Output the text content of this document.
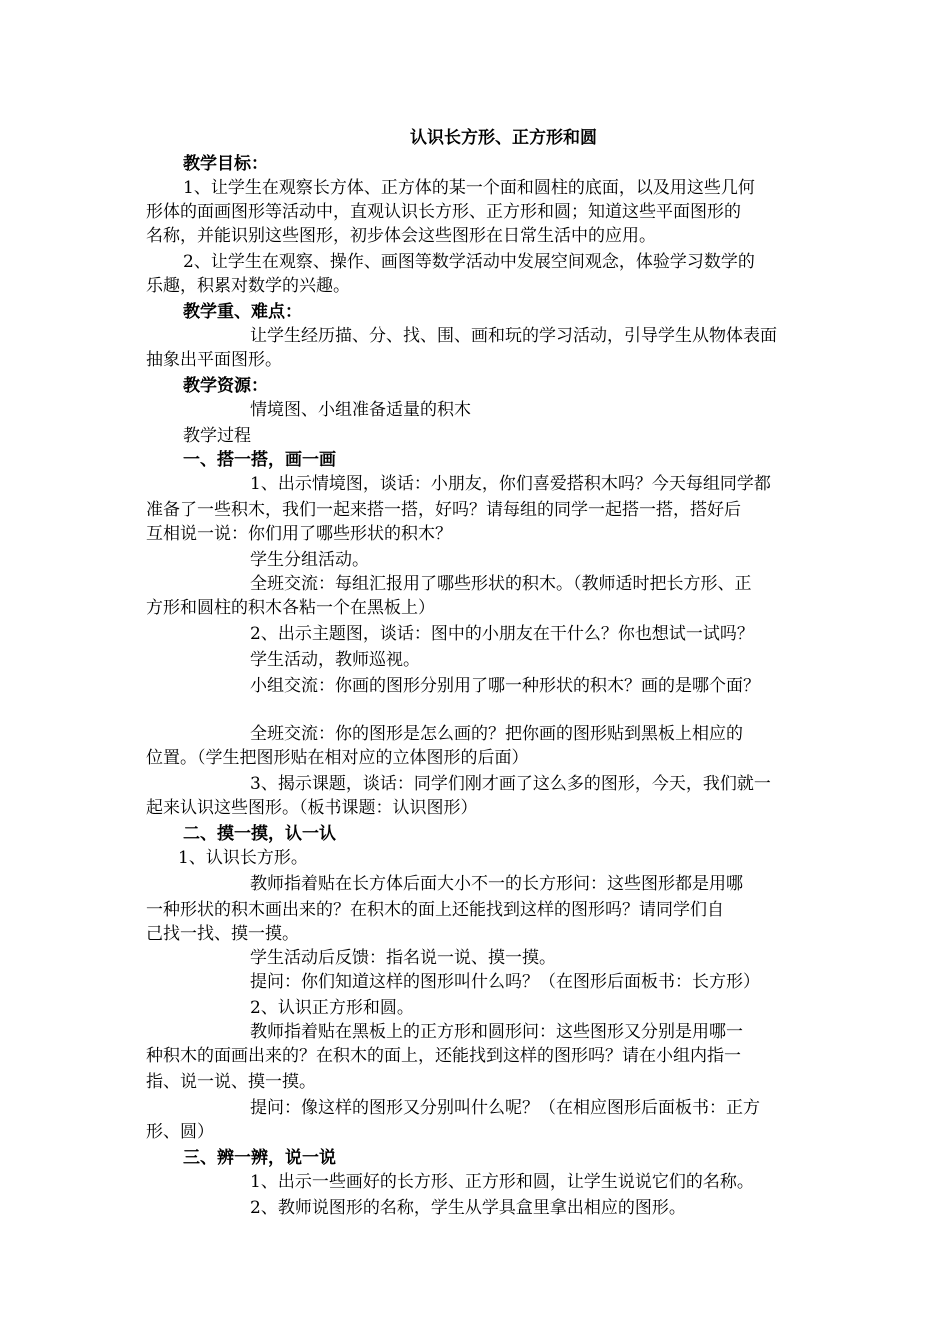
认识长方形、正方形和圆
教学目标：
1、让学生在观察长方体、正方体的某一个面和圆柱的底面，以及用这些几何
形体的面画图形等活动中，直观认识长方形、正方形和圆；知道这些平面图形的
名称，并能识别这些图形，初步体会这些图形在日常生活中的应用。
2、让学生在观察、操作、画图等数学活动中发展空间观念，体验学习数学的
乐趣，积累对数学的兴趣。
教学重、难点：
让学生经历描、分、找、围、画和玩的学习活动，引导学生从物体表面
抽象出平面图形。
教学资源：
情境图、小组准备适量的积木
教学过程
一、搭一搭，画一画
1、出示情境图，谈话：小朋友，你们喜爱搭积木吗？今天每组同学都
准备了一些积木，我们一起来搭一搭，好吗？请每组的同学一起搭一搭，搭好后
互相说一说：你们用了哪些形状的积木？
学生分组活动。
全班交流：每组汇报用了哪些形状的积木。（教师适时把长方形、正
方形和圆柱的积木各粘一个在黑板上）
2、出示主题图，谈话：图中的小朋友在干什么？你也想试一试吗？
学生活动，教师巡视。
小组交流：你画的图形分别用了哪一种形状的积木？画的是哪个面？
全班交流：你的图形是怎么画的？把你画的图形贴到黑板上相应的
位置。（学生把图形贴在相对应的立体图形的后面）
3、揭示课题，谈话：同学们刚才画了这么多的图形，今天，我们就一
起来认识这些图形。（板书课题：认识图形）
二、摸一摸，认一认
1、认识长方形。
教师指着贴在长方体后面大小不一的长方形问：这些图形都是用哪
一种形状的积木画出来的？在积木的面上还能找到这样的图形吗？请同学们自
己找一找、摸一摸。
学生活动后反馈：指名说一说、摸一摸。
提问：你们知道这样的图形叫什么吗？（在图形后面板书：长方形）
2、认识正方形和圆。
教师指着贴在黑板上的正方形和圆形问：这些图形又分别是用哪一
种积木的面画出来的？在积木的面上，还能找到这样的图形吗？请在小组内指一
指、说一说、摸一摸。
提问：像这样的图形又分别叫什么呢？（在相应图形后面板书：正方
形、圆）
三、辨一辨，说一说
1、出示一些画好的长方形、正方形和圆，让学生说说它们的名称。
2、教师说图形的名称，学生从学具盒里拿出相应的图形。
